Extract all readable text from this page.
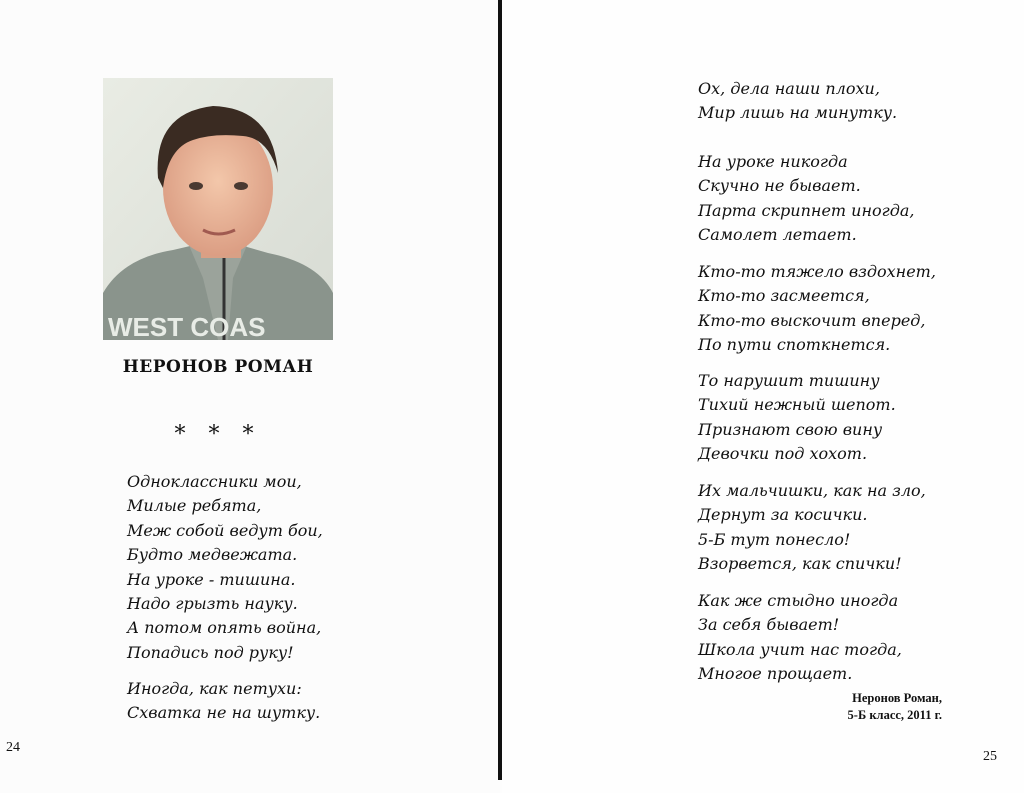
WEST COAS
НЕРОНОВ РОМАН
* * *
Одноклассники мои,
Милые ребята,
Меж собой ведут бои,
Будто медвежата.
На уроке - тишина.
Надо грызть науку.
А потом опять война,
Попадись под руку!
Иногда, как петухи:
Схватка не на шутку.
24
Ох, дела наши плохи,
Мир лишь на минутку.
На уроке никогда
Скучно не бывает.
Парта скрипнет иногда,
Самолет летает.
Кто-то тяжело вздохнет,
Кто-то засмеется,
Кто-то выскочит вперед,
По пути споткнется.
То нарушит тишину
Тихий нежный шепот.
Признают свою вину
Девочки под хохот.
Их мальчишки, как на зло,
Дернут за косички.
5-Б тут понесло!
Взорвется, как спички!
Как же стыдно иногда
За себя бывает!
Школа учит нас тогда,
Многое прощает.
Неронов Роман,
5-Б класс, 2011 г.
25
